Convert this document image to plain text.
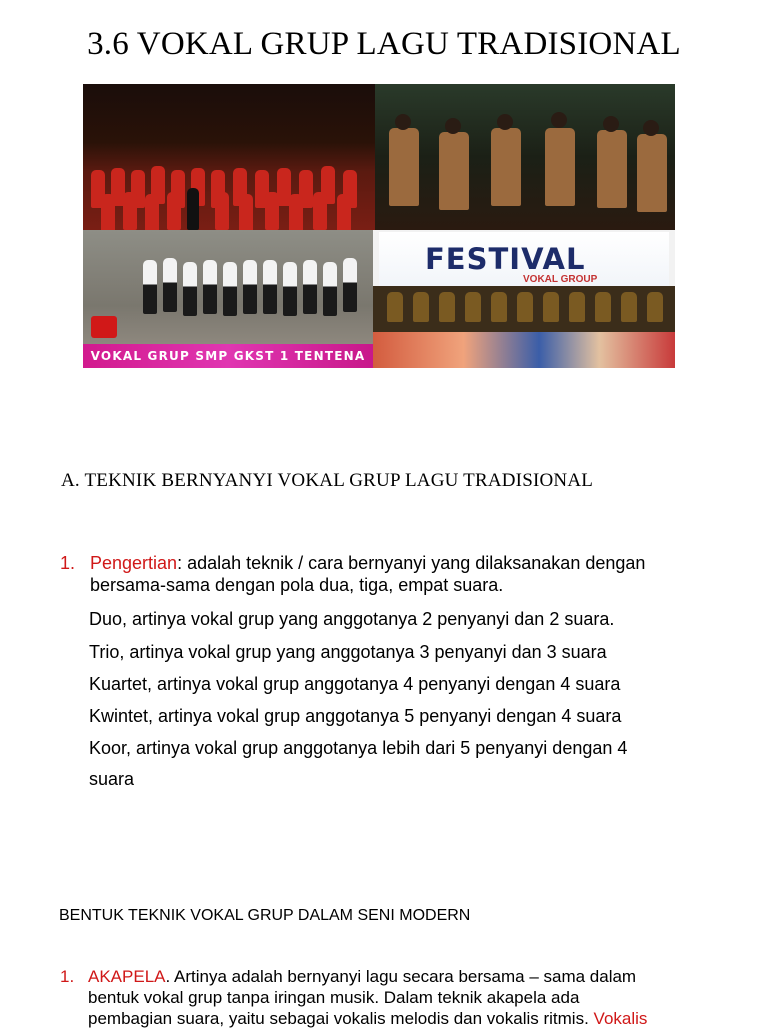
3.6 VOKAL GRUP LAGU TRADISIONAL
VOKAL GRUP SMP GKST 1 TENTENA
FESTIVAL
VOKAL GROUP
A. TEKNIK BERNYANYI VOKAL GRUP LAGU TRADISIONAL
1. Pengertian: adalah teknik / cara bernyanyi yang dilaksanakan dengan
bersama-sama dengan pola dua, tiga, empat suara.
Duo, artinya vokal grup yang anggotanya 2 penyanyi dan 2 suara.
Trio, artinya vokal grup yang anggotanya 3 penyanyi dan 3 suara
Kuartet, artinya vokal grup anggotanya 4 penyanyi dengan 4 suara
Kwintet, artinya vokal grup anggotanya 5 penyanyi dengan 4 suara
Koor, artinya vokal grup anggotanya lebih dari 5 penyanyi dengan 4
suara
BENTUK TEKNIK VOKAL GRUP DALAM SENI MODERN
1. AKAPELA. Artinya adalah bernyanyi lagu secara bersama – sama dalam
bentuk vokal grup tanpa iringan musik. Dalam teknik akapela ada
pembagian suara, yaitu sebagai vokalis melodis dan vokalis ritmis. Vokalis
